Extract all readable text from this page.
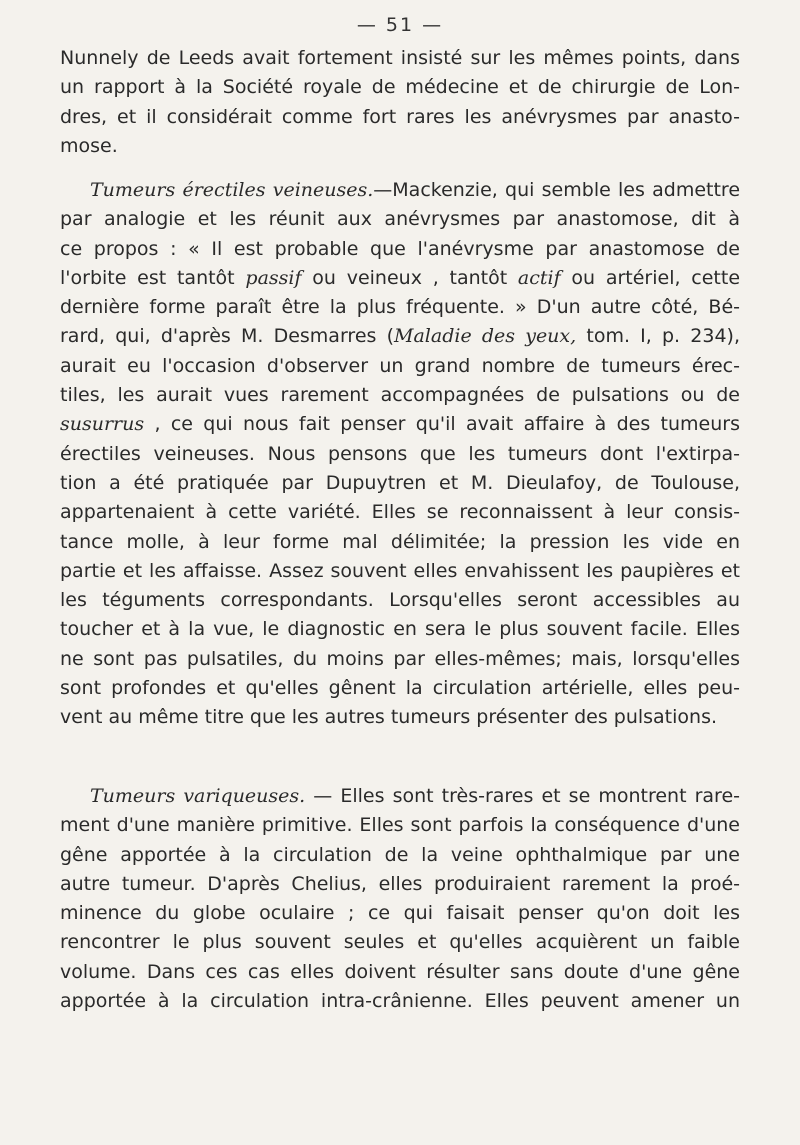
— 51 —

Nunnely de Leeds avait fortement insisté sur les mêmes points, dans

un rapport à la Société royale de médecine et de chirurgie de Lon-

dres, et il considérait comme fort rares les anévrysmes par anasto-

mose.

Tumeurs érectiles veineuses.—Mackenzie, qui semble les admettre

par analogie et les réunit aux anévrysmes par anastomose, dit à

ce propos : « Il est probable que l'anévrysme par anastomose de

l'orbite est tantôt passif ou veineux , tantôt actif ou artériel, cette

dernière forme paraît être la plus fréquente. » D'un autre côté, Bé-

rard, qui, d'après M. Desmarres (Maladie des yeux, tom. I, p. 234),

aurait eu l'occasion d'observer un grand nombre de tumeurs érec-

tiles, les aurait vues rarement accompagnées de pulsations ou de

susurrus , ce qui nous fait penser qu'il avait affaire à des tumeurs

érectiles veineuses. Nous pensons que les tumeurs dont l'extirpa-

tion a été pratiquée par Dupuytren et M. Dieulafoy, de Toulouse,

appartenaient à cette variété. Elles se reconnaissent à leur consis-

tance molle, à leur forme mal délimitée; la pression les vide en

partie et les affaisse. Assez souvent elles envahissent les paupières et

les téguments correspondants. Lorsqu'elles seront accessibles au

toucher et à la vue, le diagnostic en sera le plus souvent facile. Elles

ne sont pas pulsatiles, du moins par elles-mêmes; mais, lorsqu'elles

sont profondes et qu'elles gênent la circulation artérielle, elles peu-

vent au même titre que les autres tumeurs présenter des pulsations.

Tumeurs variqueuses. — Elles sont très-rares et se montrent rare-

ment d'une manière primitive. Elles sont parfois la conséquence d'une

gêne apportée à la circulation de la veine ophthalmique par une

autre tumeur. D'après Chelius, elles produiraient rarement la proé-

minence du globe oculaire ; ce qui faisait penser qu'on doit les

rencontrer le plus souvent seules et qu'elles acquièrent un faible

volume. Dans ces cas elles doivent résulter sans doute d'une gêne

apportée à la circulation intra-crânienne. Elles peuvent amener un
